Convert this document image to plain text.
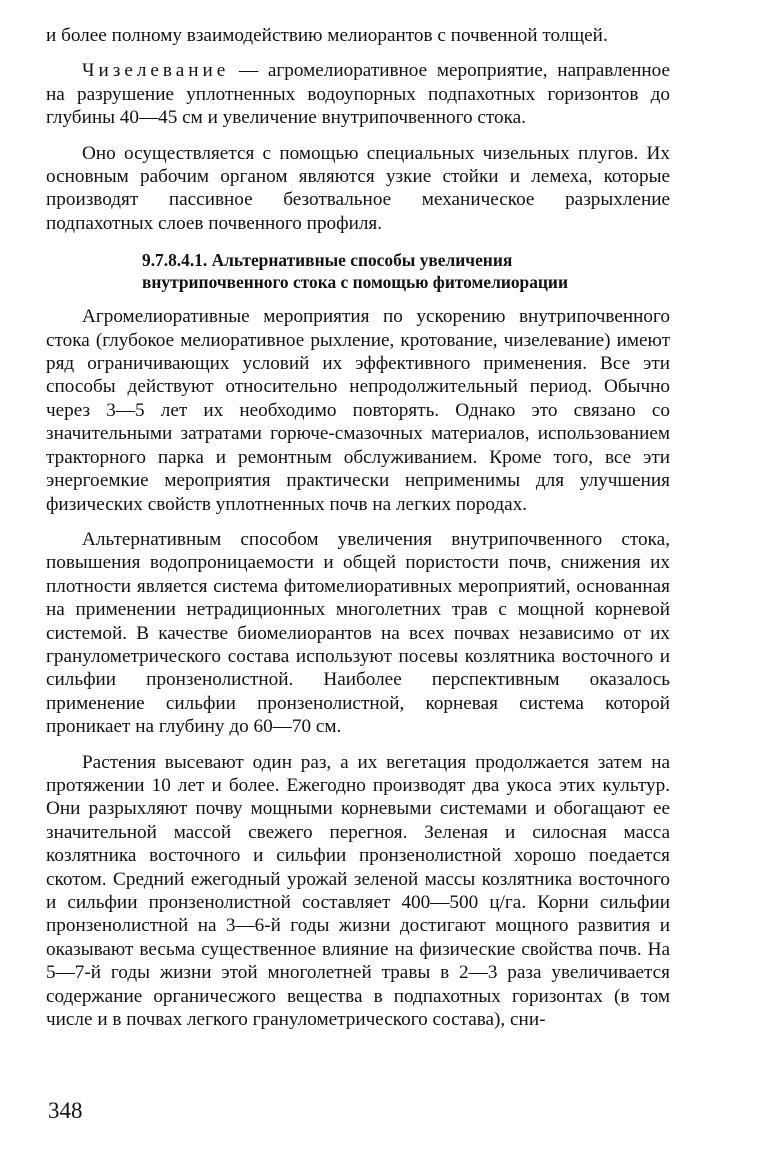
и более полному взаимодействию мелиорантов с почвенной толщей.

Чизелевание — агромелиоративное мероприятие, направленное на разрушение уплотненных водоупорных подпахотных горизонтов до глубины 40—45 см и увеличение внутрипочвенного стока.

Оно осуществляется с помощью специальных чизельных плугов. Их основным рабочим органом являются узкие стойки и лемеха, которые производят пассивное безотвальное механическое разрыхление подпахотных слоев почвенного профиля.

9.7.8.4.1. Альтернативные способы увеличения
внутрипочвенного стока с помощью фитомелиорации

Агромелиоративные мероприятия по ускорению внутрипочвенного стока (глубокое мелиоративное рыхление, кротование, чизелевание) имеют ряд ограничивающих условий их эффективного применения. Все эти способы действуют относительно непродолжительный период. Обычно через 3—5 лет их необходимо повторять. Однако это связано со значительными затратами горюче-смазочных материалов, использованием тракторного парка и ремонтным обслуживанием. Кроме того, все эти энергоемкие мероприятия практически неприменимы для улучшения физических свойств уплотненных почв на легких породах.

Альтернативным способом увеличения внутрипочвенного стока, повышения водопроницаемости и общей пористости почв, снижения их плотности является система фитомелиоративных мероприятий, основанная на применении нетрадиционных многолетних трав с мощной корневой системой. В качестве биомелиорантов на всех почвах независимо от их гранулометрического состава используют посевы козлятника восточного и сильфии пронзенолистной. Наиболее перспективным оказалось применение сильфии пронзенолистной, корневая система которой проникает на глубину до 60—70 см.

Растения высевают один раз, а их вегетация продолжается затем на протяжении 10 лет и более. Ежегодно производят два укоса этих культур. Они разрыхляют почву мощными корневыми системами и обогащают ее значительной массой свежего перегноя. Зеленая и силосная масса козлятника восточного и сильфии пронзенолистной хорошо поедается скотом. Средний ежегодный урожай зеленой массы козлятника восточного и сильфии пронзенолистной составляет 400—500 ц/га. Корни сильфии пронзенолистной на 3—6-й годы жизни достигают мощного развития и оказывают весьма существенное влияние на физические свойства почв. На 5—7-й годы жизни этой многолетней травы в 2—3 раза увеличивается содержание органичесжого вещества в подпахотных горизонтах (в том числе и в почвах легкого гранулометрического состава), сни-

348
